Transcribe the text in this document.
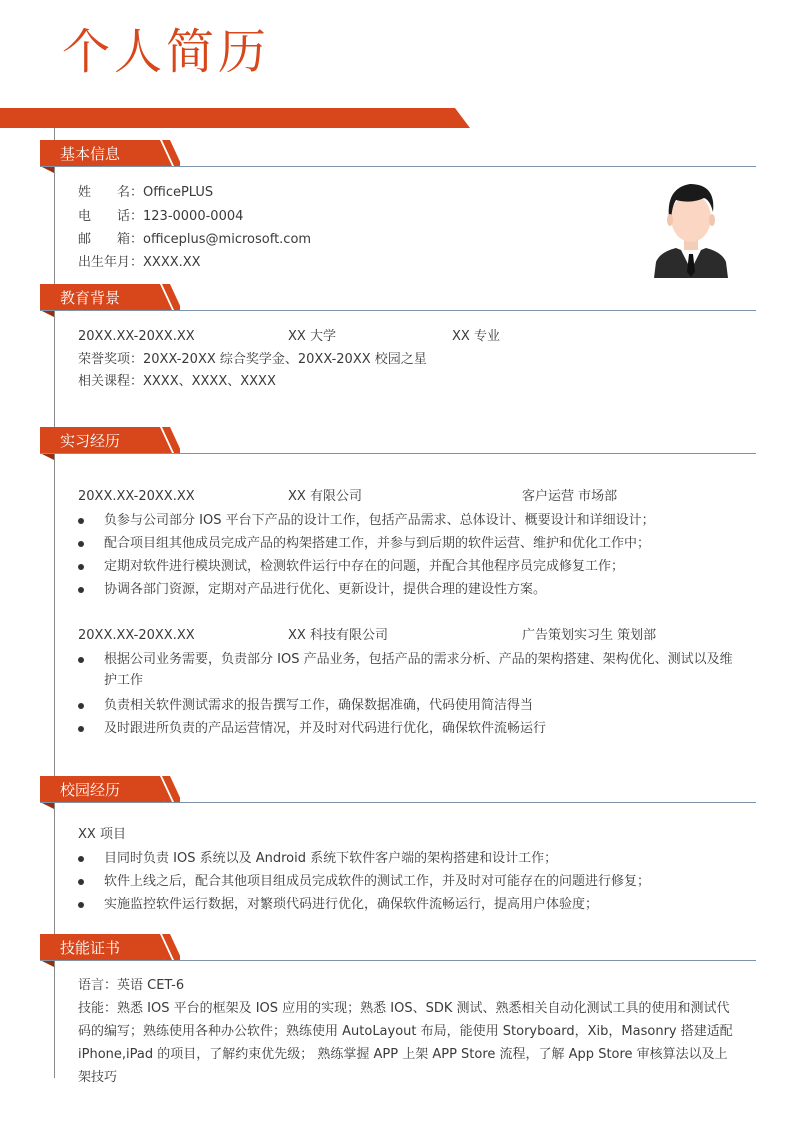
个人简历
基本信息
姓　　名：OfficePLUS
电　　话：123-0000-0004
邮　　箱：officeplus@microsoft.com
出生年月：XXXX.XX
教育背景
20XX.XX-20XX.XX	XX 大学	XX 专业
荣誉奖项：20XX-20XX 综合奖学金、20XX-20XX 校园之星
相关课程：XXXX、XXXX、XXXX
实习经历
20XX.XX-20XX.XX	XX 有限公司	客户运营 市场部
负参与公司部分 IOS 平台下产品的设计工作，包括产品需求、总体设计、概要设计和详细设计；
配合项目组其他成员完成产品的构架搭建工作，并参与到后期的软件运营、维护和优化工作中；
定期对软件进行模块测试，检测软件运行中存在的问题，并配合其他程序员完成修复工作；
协调各部门资源，定期对产品进行优化、更新设计，提供合理的建设性方案。
20XX.XX-20XX.XX	XX 科技有限公司	广告策划实习生 策划部
根据公司业务需要，负责部分 IOS 产品业务，包括产品的需求分析、产品的架构搭建、架构优化、测试以及维护工作
负责相关软件测试需求的报告撰写工作，确保数据准确，代码使用简洁得当
及时跟进所负责的产品运营情况，并及时对代码进行优化，确保软件流畅运行
校园经历
XX 项目
目同时负责 IOS 系统以及 Android 系统下软件客户端的架构搭建和设计工作；
软件上线之后，配合其他项目组成员完成软件的测试工作，并及时对可能存在的问题进行修复；
实施监控软件运行数据，对繁琐代码进行优化，确保软件流畅运行，提高用户体验度；
技能证书
语言：英语 CET-6
技能：熟悉 IOS 平台的框架及 IOS 应用的实现；熟悉 IOS、SDK 测试、熟悉相关自动化测试工具的使用和测试代
码的编写；熟练使用各种办公软件；熟练使用 AutoLayout 布局，能使用 Storyboard，Xib，Masonry 搭建适配
iPhone,iPad 的项目，了解约束优先级； 熟练掌握 APP 上架 APP Store 流程，了解 App Store 审核算法以及上
架技巧
